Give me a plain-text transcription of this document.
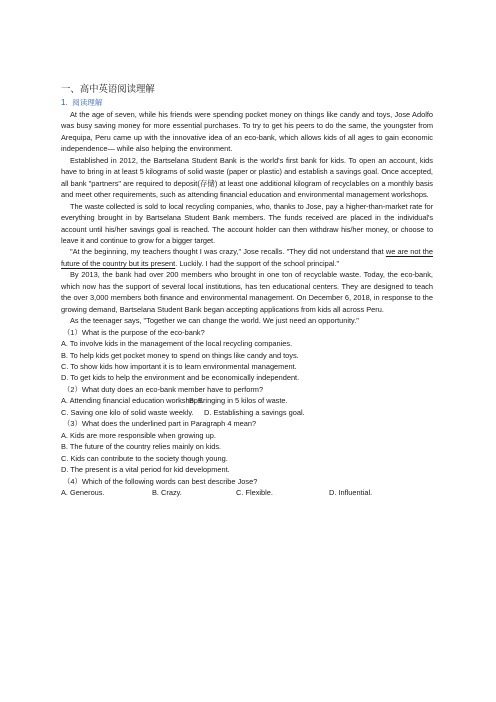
一、高中英语阅读理解
1. 阅读理解

At the age of seven, while his friends were spending pocket money on things like candy and toys, Jose Adolfo was busy saving money for more essential purchases. To try to get his peers to do the same, the youngster from Arequipa, Peru came up with the innovative idea of an eco-bank, which allows kids of all ages to gain economic independence— while also helping the environment.

Established in 2012, the Bartselana Student Bank is the world's first bank for kids. To open an account, kids have to bring in at least 5 kilograms of solid waste (paper or plastic) and establish a savings goal. Once accepted, all bank "partners" are required to deposit(存储) at least one additional kilogram of recyclables on a monthly basis and meet other requirements, such as attending financial education and environmental management workshops.

The waste collected is sold to local recycling companies, who, thanks to Jose, pay a higher-than-market rate for everything brought in by Bartselana Student Bank members. The funds received are placed in the individual's account until his/her savings goal is reached. The account holder can then withdraw his/her money, or choose to leave it and continue to grow for a bigger target.

"At the beginning, my teachers thought I was crazy," Jose recalls. "They did not understand that we are not the future of the country but its present. Luckily. I had the support of the school principal."

By 2013, the bank had over 200 members who brought in one ton of recyclable waste. Today, the eco-bank, which now has the support of several local institutions, has ten educational centers. They are designed to teach the over 3,000 members both finance and environmental management. On December 6, 2018, in response to the growing demand, Bartselana Student Bank began accepting applications from kids all across Peru.

As the teenager says, "Together we can change the world. We just need an opportunity."

（1）What is the purpose of the eco-bank?

A. To involve kids in the management of the local recycling companies.

B. To help kids get pocket money to spend on things like candy and toys.

C. To show kids how important it is to learn environmental management.

D. To get kids to help the environment and be economically independent.

（2）What duty does an eco-bank member have to perform?

A. Attending financial education workshops.
B. Bringing in 5 kilos of waste.
C. Saving one kilo of solid waste weekly.	D. Establishing a savings goal.

（3）What does the underlined part in Paragraph 4 mean?

A. Kids are more responsible when growing up.

B. The future of the country relies mainly on kids.

C. Kids can contribute to the society though young.

D. The present is a vital period for kid development.

（4）Which of the following words can best describe Jose?

A. Generous.	B. Crazy.	C. Flexible.	D. Influential.
